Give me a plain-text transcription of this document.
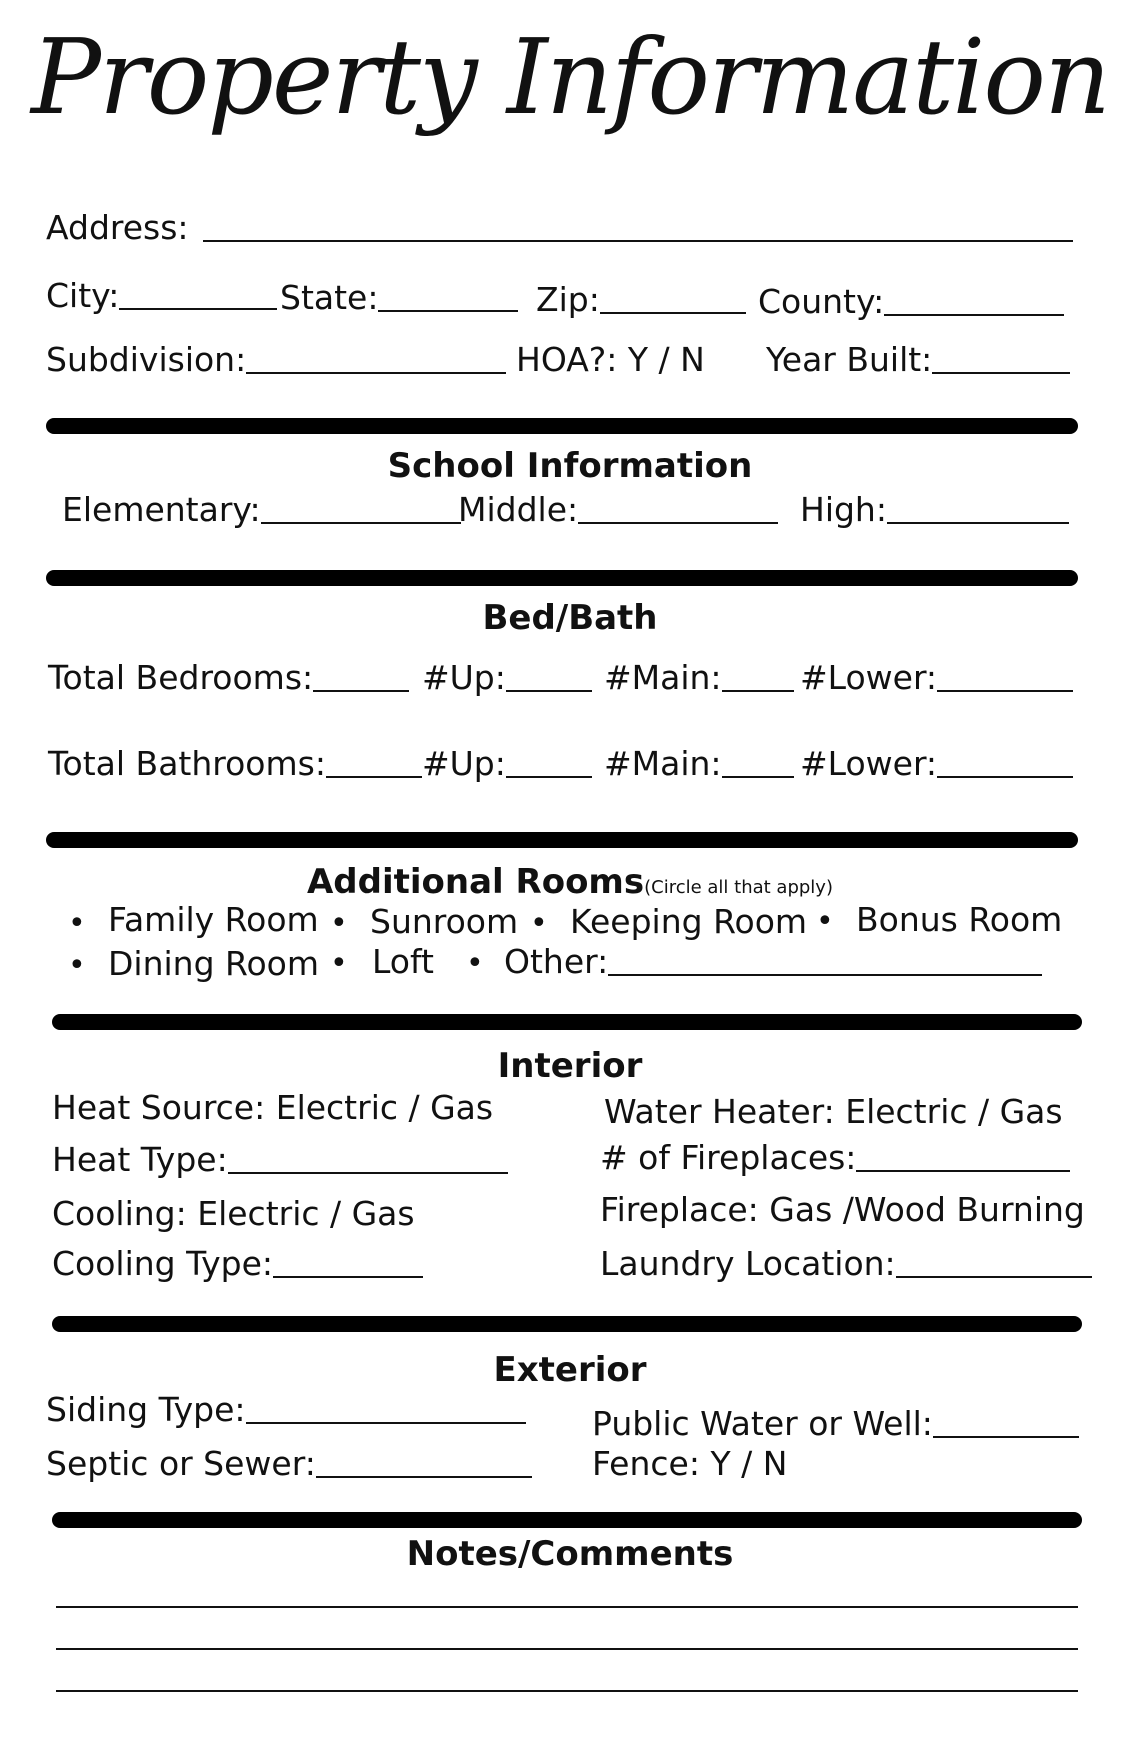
Property Information
Address:
City:	State:	Zip:	County:
Subdivision:	HOA?: Y / N Year Built:
School Information
Elementary:	Middle:	High:
Bed/Bath
Total Bedrooms:	#Up:	#Main: #Lower:
Total Bathrooms:	#Up:	#Main: #Lower:
Additional Rooms(Circle all that apply)
• Family Room • Sunroom • Keeping Room • Bonus Room
• Dining Room • Loft • Other:
Interior
Heat Source: Electric / Gas
Heat Type:
Cooling: Electric / Gas
Cooling Type:
Water Heater: Electric / Gas
# of Fireplaces:
Fireplace: Gas /Wood Burning
Laundry Location:
Exterior
Siding Type:
Septic or Sewer:
Public Water or Well:
Fence: Y / N
Notes/Comments
